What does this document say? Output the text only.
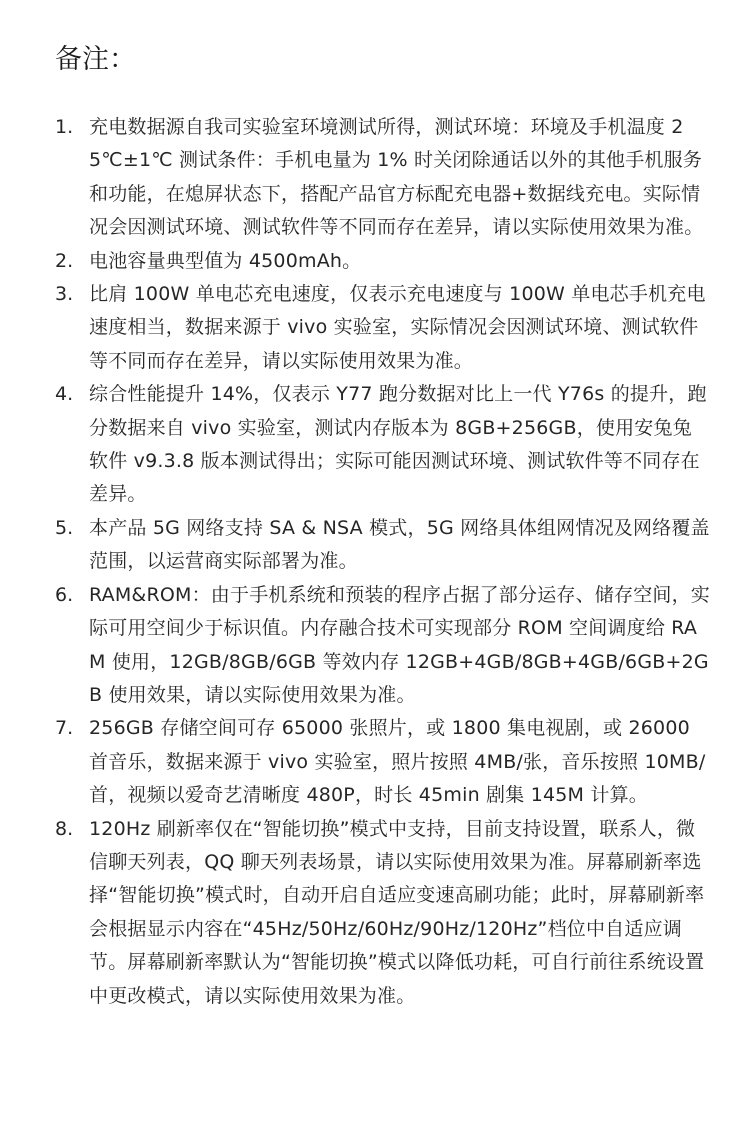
备注：
1. 充电数据源自我司实验室环境测试所得，测试环境：环境及手机温度 25℃±1℃ 测试条件：手机电量为 1% 时关闭除通话以外的其他手机服务和功能，在熄屏状态下，搭配产品官方标配充电器+数据线充电。实际情况会因测试环境、测试软件等不同而存在差异，请以实际使用效果为准。
2. 电池容量典型值为 4500mAh。
3. 比肩 100W 单电芯充电速度，仅表示充电速度与 100W 单电芯手机充电速度相当，数据来源于 vivo 实验室，实际情况会因测试环境、测试软件等不同而存在差异，请以实际使用效果为准。
4. 综合性能提升 14%，仅表示 Y77 跑分数据对比上一代 Y76s 的提升，跑分数据来自 vivo 实验室，测试内存版本为 8GB+256GB，使用安兔兔软件 v9.3.8 版本测试得出；实际可能因测试环境、测试软件等不同存在差异。
5. 本产品 5G 网络支持 SA & NSA 模式，5G 网络具体组网情况及网络覆盖范围，以运营商实际部署为准。
6. RAM&ROM：由于手机系统和预装的程序占据了部分运存、储存空间，实际可用空间少于标识值。内存融合技术可实现部分 ROM 空间调度给 RAM 使用，12GB/8GB/6GB 等效内存 12GB+4GB/8GB+4GB/6GB+2GB 使用效果，请以实际使用效果为准。
7. 256GB 存储空间可存 65000 张照片，或 1800 集电视剧，或 26000 首音乐，数据来源于 vivo 实验室，照片按照 4MB/张，音乐按照 10MB/首，视频以爱奇艺清晰度 480P，时长 45min 剧集 145M 计算。
8. 120Hz 刷新率仅在“智能切换”模式中支持，目前支持设置，联系人，微信聊天列表，QQ 聊天列表场景，请以实际使用效果为准。屏幕刷新率选择“智能切换”模式时，自动开启自适应变速高刷功能；此时，屏幕刷新率会根据显示内容在“45Hz/50Hz/60Hz/90Hz/120Hz”档位中自适应调节。屏幕刷新率默认为“智能切换”模式以降低功耗，可自行前往系统设置中更改模式，请以实际使用效果为准。
